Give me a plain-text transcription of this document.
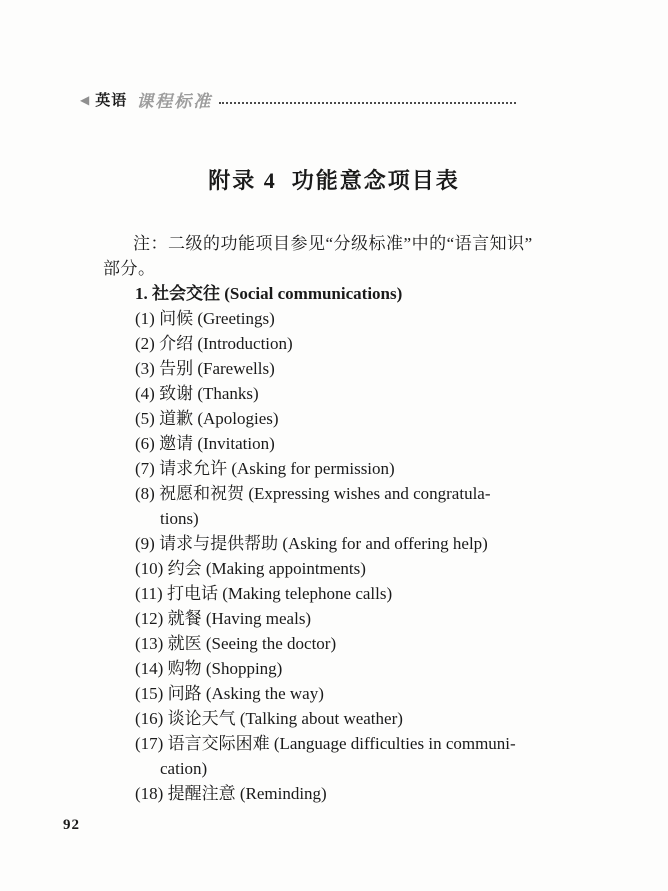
◀ 英语 课程标准
附录 4  功能意念项目表
注：二级的功能项目参见“分级标准”中的“语言知识”
部分。
1. 社会交往 (Social communications)
(1) 问候 (Greetings)
(2) 介绍 (Introduction)
(3) 告别 (Farewells)
(4) 致谢 (Thanks)
(5) 道歉 (Apologies)
(6) 邀请 (Invitation)
(7) 请求允许 (Asking for permission)
(8) 祝愿和祝贺 (Expressing wishes and congratula-
tions)
(9) 请求与提供帮助 (Asking for and offering help)
(10) 约会 (Making appointments)
(11) 打电话 (Making telephone calls)
(12) 就餐 (Having meals)
(13) 就医 (Seeing the doctor)
(14) 购物 (Shopping)
(15) 问路 (Asking the way)
(16) 谈论天气 (Talking about weather)
(17) 语言交际困难 (Language difficulties in communi-
cation)
(18) 提醒注意 (Reminding)
92
